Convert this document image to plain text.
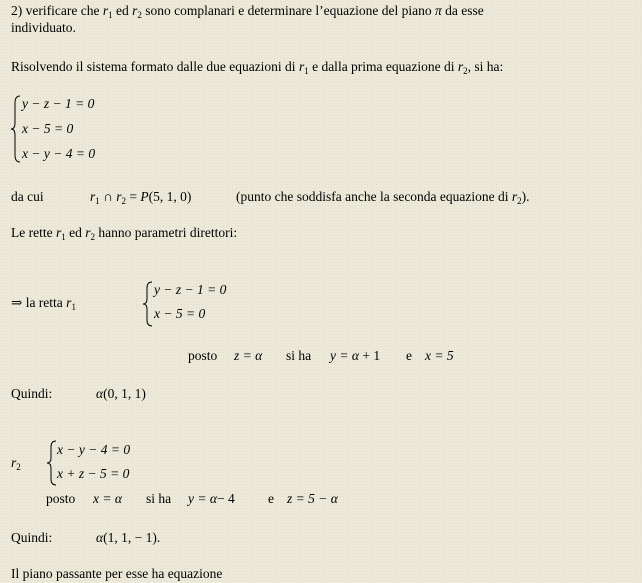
2) verificare che $r_1$ ed $r_2$ sono complanari e determinare l’equazione del piano π da esse
individuato.
Risolvendo il sistema formato dalle due equazioni di $r_1$ e dalla prima equazione di $r_2$, si ha:
y − z − 1 = 0
x − 5 = 0
x − y − 4 = 0
da cui	$r_1$ ∩ $r_2 = P(5$, 1, 0)	(punto che soddisfa anche la seconda equazione di $r_2$).
Le rette $r_1$ ed $r_2$ hanno parametri direttori:
⇒ la retta $r_1$
y − z − 1 = 0
x − 5 = 0
posto z = α si ha y = α + 1 e x = 5
Quindi:	α(0, 1, 1)
$r_2$
x − y − 4 = 0
x + z − 5 = 0
posto x = α si ha y = α− 4 e z = 5 − α
Quindi:	α(1, 1, − 1).
Il piano passante per esse ha equazione
